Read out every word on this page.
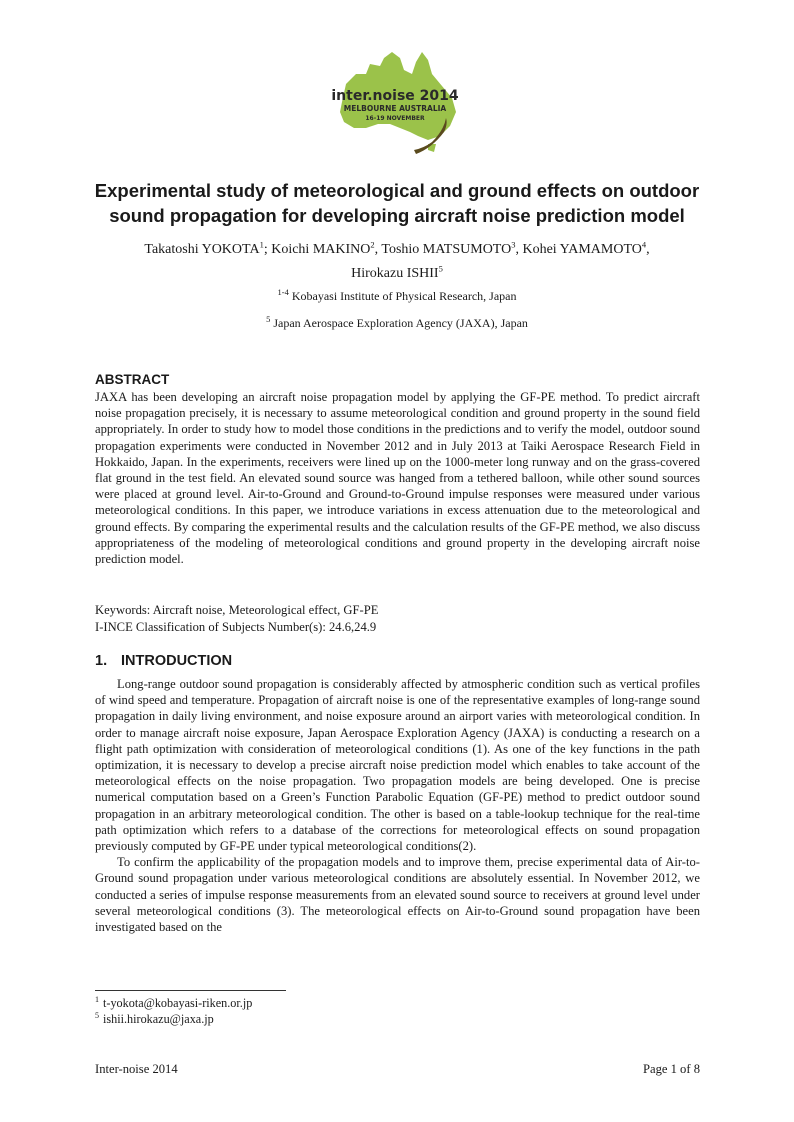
inter.noise 2014
MELBOURNE AUSTRALIA
16-19 NOVEMBER
Experimental study of meteorological and ground effects on outdoor
sound propagation for developing aircraft noise prediction model
Takatoshi YOKOTA$^1$; Koichi MAKINO$^2$, Toshio MATSUMOTO$^3$, Kohei YAMAMOTO$^4$,
Hirokazu ISHII$^5$
$^{1-4}$ Kobayasi Institute of Physical Research, Japan
$^5$ Japan Aerospace Exploration Agency (JAXA), Japan
ABSTRACT

JAXA has been developing an aircraft noise propagation model by applying the GF-PE method. To predict aircraft noise propagation precisely, it is necessary to assume meteorological condition and ground property in the sound field appropriately. In order to study how to model those conditions in the predictions and to verify the model, outdoor sound propagation experiments were conducted in November 2012 and in July 2013 at Taiki Aerospace Research Field in Hokkaido, Japan. In the experiments, receivers were lined up on the 1000-meter long runway and on the grass-covered flat ground in the test field. An elevated sound source was hanged from a tethered balloon, while other sound sources were placed at ground level. Air-to-Ground and Ground-to-Ground impulse responses were measured under various meteorological conditions. In this paper, we introduce variations in excess attenuation due to the meteorological and ground effects. By comparing the experimental results and the calculation results of the GF-PE method, we also discuss appropriateness of the modeling of meteorological conditions and ground property in the developing aircraft noise prediction model.

Keywords: Aircraft noise, Meteorological effect, GF-PE
I-INCE Classification of Subjects Number(s): 24.6,24.9
1. INTRODUCTION

Long-range outdoor sound propagation is considerably affected by atmospheric condition such as vertical profiles of wind speed and temperature. Propagation of aircraft noise is one of the representative examples of long-range sound propagation in daily living environment, and noise exposure around an airport varies with meteorological condition. In order to manage aircraft noise exposure, Japan Aerospace Exploration Agency (JAXA) is conducting a research on a flight path optimization with consideration of meteorological conditions (1). As one of the key functions in the path optimization, it is necessary to develop a precise aircraft noise prediction model which enables to take account of the meteorological effects on the noise propagation. Two propagation models are being developed. One is precise numerical computation based on a Green’s Function Parabolic Equation (GF-PE) method to predict outdoor sound propagation in an arbitrary meteorological condition. The other is based on a table-lookup technique for the real-time path optimization which refers to a database of the corrections for meteorological effects on sound propagation previously computed by GF-PE under typical meteorological conditions(2).

To confirm the applicability of the propagation models and to improve them, precise experimental data of Air-to-Ground sound propagation under various meteorological conditions are absolutely essential. In November 2012, we conducted a series of impulse response measurements from an elevated sound source to receivers at ground level under several meteorological conditions (3). The meteorological effects on Air-to-Ground sound propagation have been investigated based on the

$^1$ t-yokota@kobayasi-riken.or.jp
$^5$ ishii.hirokazu@jaxa.jp
Inter-noise 2014	Page 1 of 8
